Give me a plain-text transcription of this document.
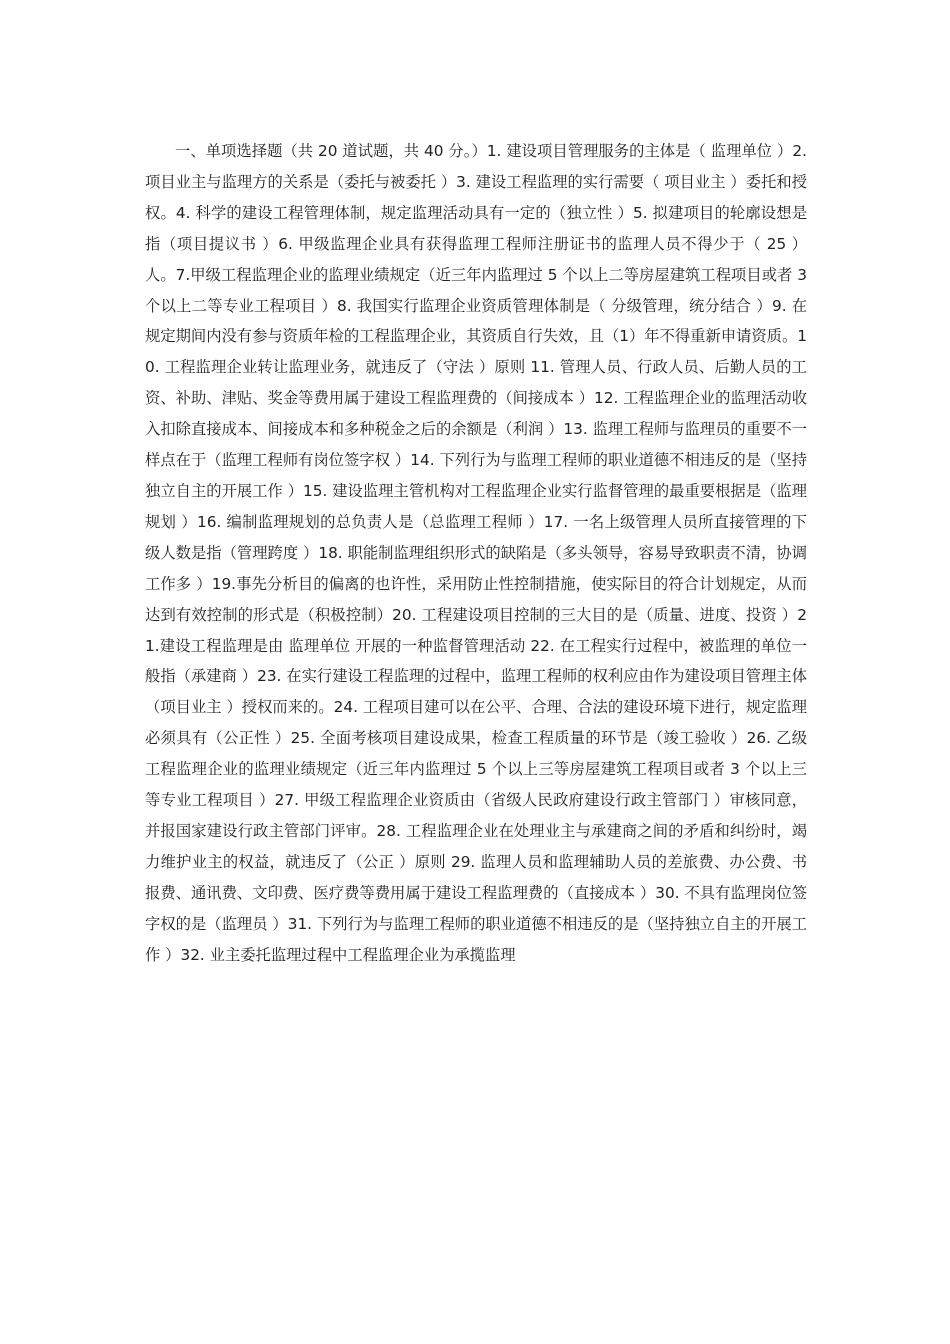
一、单项选择题（共 20 道试题，共 40 分。）1. 建设项目管理服务的主体是（ 监理单位 ）2.项目业主与监理方的关系是（委托与被委托 ）3. 建设工程监理的实行需要（ 项目业主 ）委托和授权。4. 科学的建设工程管理体制，规定监理活动具有一定的（独立性 ）5. 拟建项目的轮廓设想是指（项目提议书 ）6. 甲级监理企业具有获得监理工程师注册证书的监理人员不得少于（ 25 ）人。7.甲级工程监理企业的监理业绩规定（近三年内监理过 5 个以上二等房屋建筑工程项目或者 3 个以上二等专业工程项目 ）8. 我国实行监理企业资质管理体制是（ 分级管理，统分结合 ）9. 在规定期间内没有参与资质年检的工程监理企业，其资质自行失效，且（1）年不得重新申请资质。10. 工程监理企业转让监理业务，就违反了（守法 ）原则 11. 管理人员、行政人员、后勤人员的工资、补助、津贴、奖金等费用属于建设工程监理费的（间接成本 ）12. 工程监理企业的监理活动收入扣除直接成本、间接成本和多种税金之后的余额是（利润 ）13. 监理工程师与监理员的重要不一样点在于（监理工程师有岗位签字权 ）14. 下列行为与监理工程师的职业道德不相违反的是（坚持独立自主的开展工作 ）15. 建设监理主管机构对工程监理企业实行监督管理的最重要根据是（监理规划 ）16. 编制监理规划的总负责人是（总监理工程师 ）17. 一名上级管理人员所直接管理的下级人数是指（管理跨度 ）18. 职能制监理组织形式的缺陷是（多头领导，容易导致职责不清，协调工作多 ）19.事先分析目的偏离的也许性，采用防止性控制措施，使实际目的符合计划规定，从而达到有效控制的形式是（积极控制）20. 工程建设项目控制的三大目的是（质量、进度、投资 ）21.建设工程监理是由 监理单位 开展的一种监督管理活动 22. 在工程实行过程中，被监理的单位一般指（承建商 ）23. 在实行建设工程监理的过程中，监理工程师的权利应由作为建设项目管理主体（项目业主 ）授权而来的。24. 工程项目建可以在公平、合理、合法的建设环境下进行，规定监理必须具有（公正性 ）25. 全面考核项目建设成果，检查工程质量的环节是（竣工验收 ）26. 乙级工程监理企业的监理业绩规定（近三年内监理过 5 个以上三等房屋建筑工程项目或者 3 个以上三等专业工程项目 ）27. 甲级工程监理企业资质由（省级人民政府建设行政主管部门 ）审核同意，并报国家建设行政主管部门评审。28. 工程监理企业在处理业主与承建商之间的矛盾和纠纷时，竭力维护业主的权益，就违反了（公正 ）原则 29. 监理人员和监理辅助人员的差旅费、办公费、书报费、通讯费、文印费、医疗费等费用属于建设工程监理费的（直接成本 ）30. 不具有监理岗位签字权的是（监理员 ）31. 下列行为与监理工程师的职业道德不相违反的是（坚持独立自主的开展工作 ）32. 业主委托监理过程中工程监理企业为承揽监理
